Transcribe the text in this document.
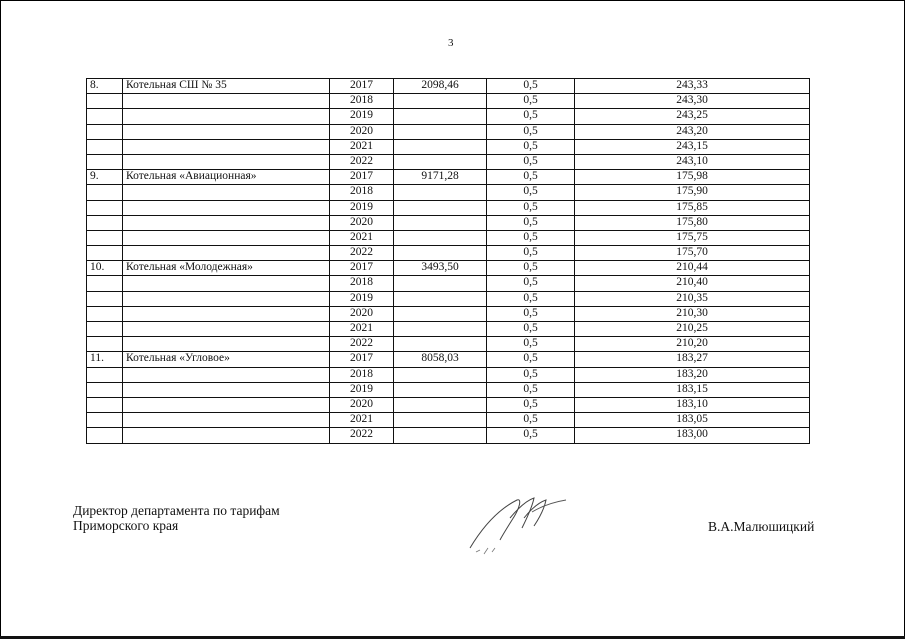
3
8.	Котельная СШ № 35	2017	2098,46	0,5	243,33
		2018		0,5	243,30
		2019		0,5	243,25
		2020		0,5	243,20
		2021		0,5	243,15
		2022		0,5	243,10
9.	Котельная «Авиационная»	2017	9171,28	0,5	175,98
		2018		0,5	175,90
		2019		0,5	175,85
		2020		0,5	175,80
		2021		0,5	175,75
		2022		0,5	175,70
10.	Котельная «Молодежная»	2017	3493,50	0,5	210,44
		2018		0,5	210,40
		2019		0,5	210,35
		2020		0,5	210,30
		2021		0,5	210,25
		2022		0,5	210,20
11.	Котельная «Угловое»	2017	8058,03	0,5	183,27
		2018		0,5	183,20
		2019		0,5	183,15
		2020		0,5	183,10
		2021		0,5	183,05
		2022		0,5	183,00
Директор департамента по тарифам
Приморского края	В.А.Малюшицкий
